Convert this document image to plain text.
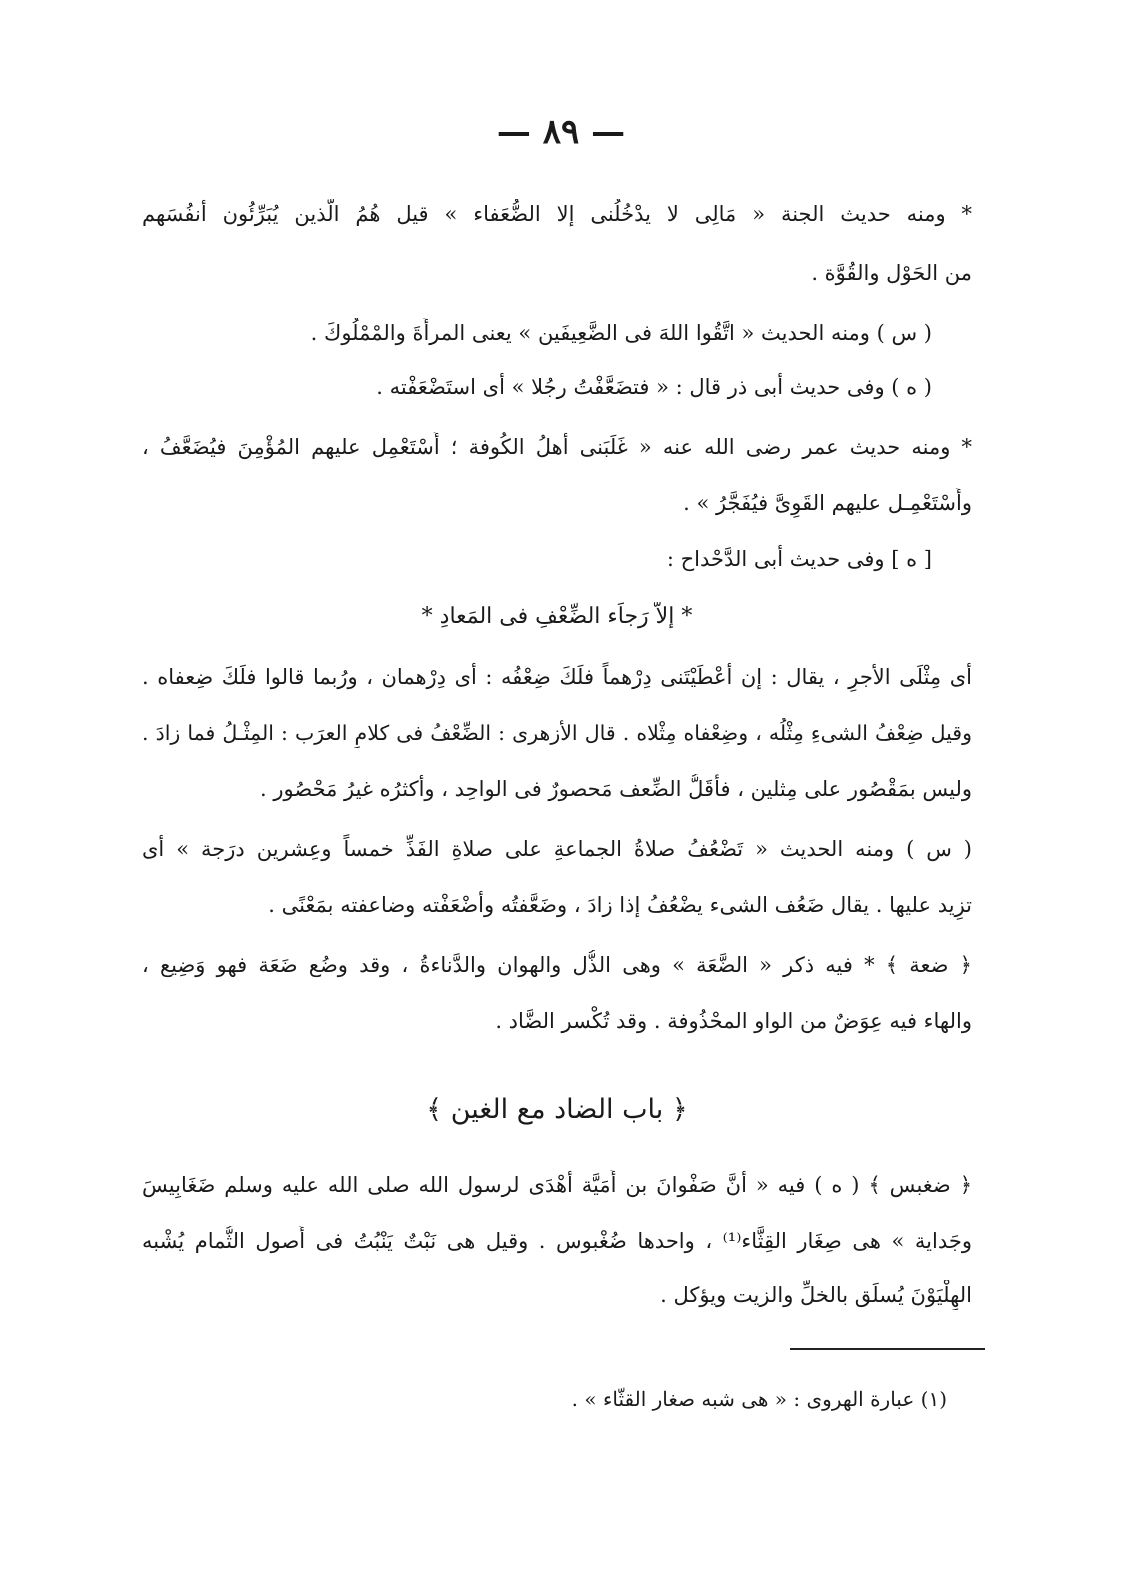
— ٨٩ —
* ومنه حديث الجنة « مَالِى لا يدْخُلُنى إلا الضُّعَفاء » قيل هُمُ الَّذين يُبَرِّئُون أنفُسَهم
من الحَوْل والقُوَّة .
( س ) ومنه الحديث « اتَّقُوا اللهَ فى الضَّعِيفَين » يعنى المرأَةَ والمْمْلُوكَ .
( ه ) وفى حديث أبى ذر قال : « فتضَعَّفْتُ رجُلا » أى استَضْعَفْته .
* ومنه حديث عمر رضى الله عنه « غَلَبَنى أهلُ الكُوفة ؛ أَسْتَعْمِل عليهم المُؤْمِنَ فيُضَعَّفُ ،
وأَسْتَعْمِـل عليهم القَوِىَّ فيُفَجَّرُ » .
[ ه ] وفى حديث أبى الدَّحْداح :
* إلاَّ رَجاَء الضِّعْفِ فى المَعادِ *
أى مِثْلَى الأجرِ ، يقال : إن أعْطَيْتَنى دِرْهماً فلَكَ ضِعْفُه : أى دِرْهمان ، ورُبما قالوا فلَكَ ضِعفاه .
وقيل ضِعْفُ الشىءِ مِثْلُه ، وضِعْفاه مِثْلاه . قال الأزهرى : الضِّعْفُ فى كلامِ العرَب : المِثْـلُ فما زادَ .
وليس بمَقْصُور على مِثلين ، فأقَلُّ الضِّعف مَحصورٌ فى الواحِد ، وأكثرُه غيرُ مَحْصُور .
( س ) ومنه الحديث « تَضْعُفُ صلاةُ الجماعةِ على صلاةِ الفَذِّ خمساً وعِشرين درَجة » أى
تزِيد عليها . يقال ضَعُف الشىء يضْعُفُ إذا زادَ ، وضَعَّفتُه وأضْعَفْته وضاعفته بمَعْنًى .
﴿ ضعة ﴾ * فيه ذكر « الضَّعَة » وهى الذُّل والهوان والدَّناءةُ ، وقد وضُع ضَعَة فهو وَضِيع ،
والهاء فيه عِوَضٌ من الواو المحْذُوفة . وقد تُكْسر الضَّاد .
﴿ باب الضاد مع الغين ﴾
﴿ ضغبس ﴾ ( ه ) فيه « أنَّ صَفْوانَ بن أُمَيَّة أهْدَى لرسول الله صلى الله عليه وسلم ضَغَابِيسَ
وجَداية » هى صِغَار القِثَّاء⁽¹⁾ ، واحدها ضُغْبوس . وقيل هى نَبْتٌ يَنْبُتُ فى أُصول الثُّمام يُشْبه
الهِلْيَوْنَ يُسلَق بالخلِّ والزيت ويؤكل .
(١) عبارة الهروى : « هى شبه صغار القثّاء » .
